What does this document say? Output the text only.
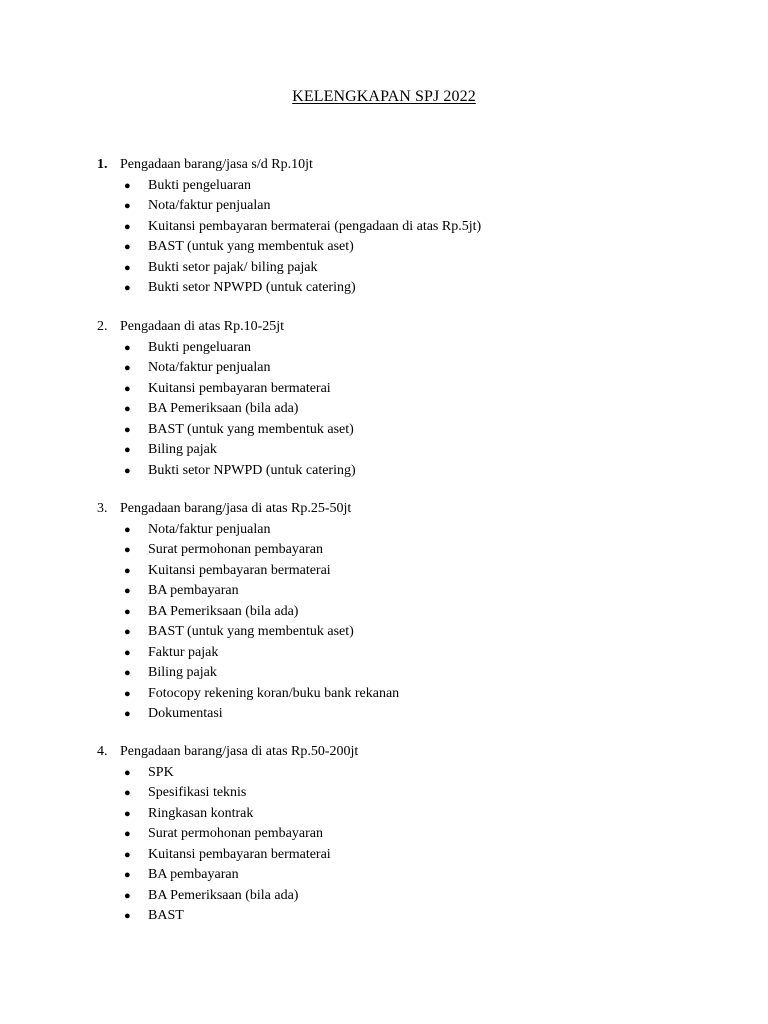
KELENGKAPAN SPJ 2022
1. Pengadaan barang/jasa s/d Rp.10jt
● Bukti pengeluaran
● Nota/faktur penjualan
● Kuitansi pembayaran bermaterai (pengadaan di atas Rp.5jt)
● BAST (untuk yang membentuk aset)
● Bukti setor pajak/ biling pajak
● Bukti setor NPWPD (untuk catering)
2. Pengadaan di atas Rp.10-25jt
● Bukti pengeluaran
● Nota/faktur penjualan
● Kuitansi pembayaran bermaterai
● BA Pemeriksaan (bila ada)
● BAST (untuk yang membentuk aset)
● Biling pajak
● Bukti setor NPWPD (untuk catering)
3. Pengadaan barang/jasa di atas Rp.25-50jt
● Nota/faktur penjualan
● Surat permohonan pembayaran
● Kuitansi pembayaran bermaterai
● BA pembayaran
● BA Pemeriksaan (bila ada)
● BAST (untuk yang membentuk aset)
● Faktur pajak
● Biling pajak
● Fotocopy rekening koran/buku bank rekanan
● Dokumentasi
4. Pengadaan barang/jasa di atas Rp.50-200jt
● SPK
● Spesifikasi teknis
● Ringkasan kontrak
● Surat permohonan pembayaran
● Kuitansi pembayaran bermaterai
● BA pembayaran
● BA Pemeriksaan (bila ada)
● BAST
